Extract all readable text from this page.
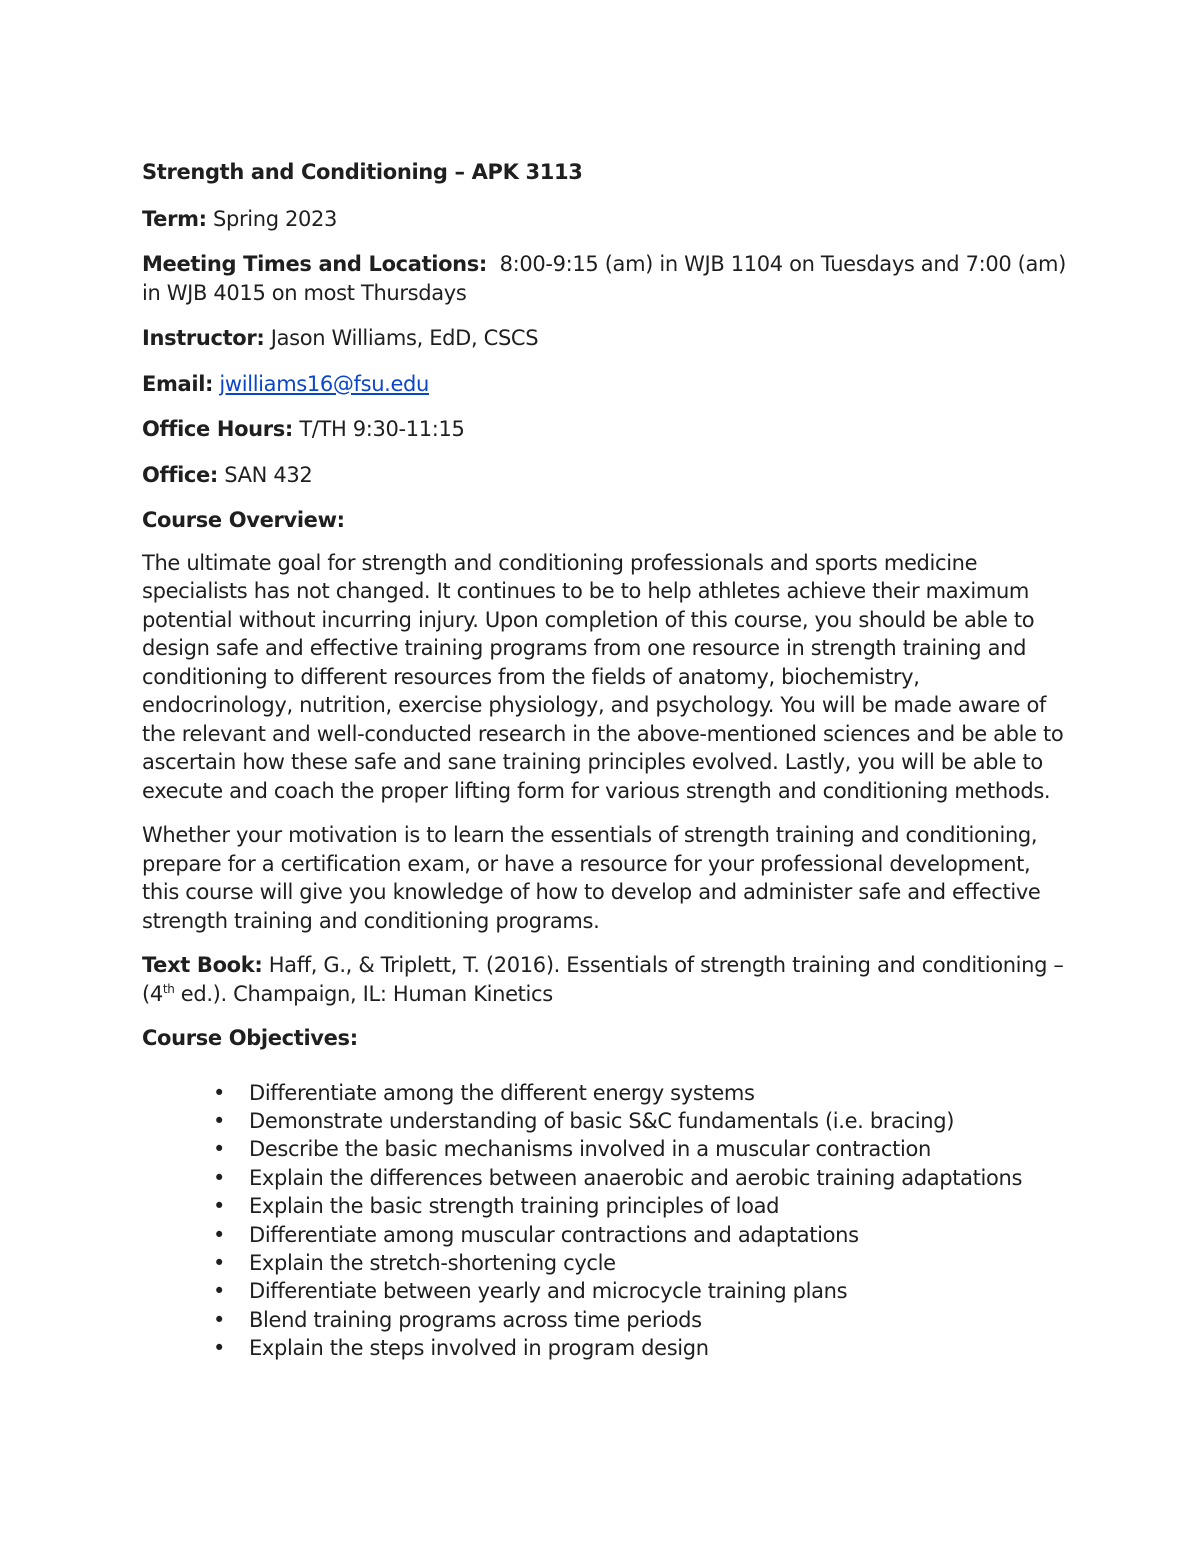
Strength and Conditioning – APK 3113
Term: Spring 2023
Meeting Times and Locations: 8:00-9:15 (am) in WJB 1104 on Tuesdays and 7:00 (am) in WJB 4015 on most Thursdays
Instructor: Jason Williams, EdD, CSCS
Email: jwilliams16@fsu.edu
Office Hours: T/TH 9:30-11:15
Office: SAN 432
Course Overview:
The ultimate goal for strength and conditioning professionals and sports medicine specialists has not changed. It continues to be to help athletes achieve their maximum potential without incurring injury. Upon completion of this course, you should be able to design safe and effective training programs from one resource in strength training and conditioning to different resources from the fields of anatomy, biochemistry, endocrinology, nutrition, exercise physiology, and psychology. You will be made aware of the relevant and well-conducted research in the above-mentioned sciences and be able to ascertain how these safe and sane training principles evolved. Lastly, you will be able to execute and coach the proper lifting form for various strength and conditioning methods.
Whether your motivation is to learn the essentials of strength training and conditioning, prepare for a certification exam, or have a resource for your professional development, this course will give you knowledge of how to develop and administer safe and effective strength training and conditioning programs.
Text Book: Haff, G., & Triplett, T. (2016). Essentials of strength training and conditioning – (4th ed.). Champaign, IL: Human Kinetics
Course Objectives:
• Differentiate among the different energy systems
• Demonstrate understanding of basic S&C fundamentals (i.e. bracing)
• Describe the basic mechanisms involved in a muscular contraction
• Explain the differences between anaerobic and aerobic training adaptations
• Explain the basic strength training principles of load
• Differentiate among muscular contractions and adaptations
• Explain the stretch-shortening cycle
• Differentiate between yearly and microcycle training plans
• Blend training programs across time periods
• Explain the steps involved in program design
